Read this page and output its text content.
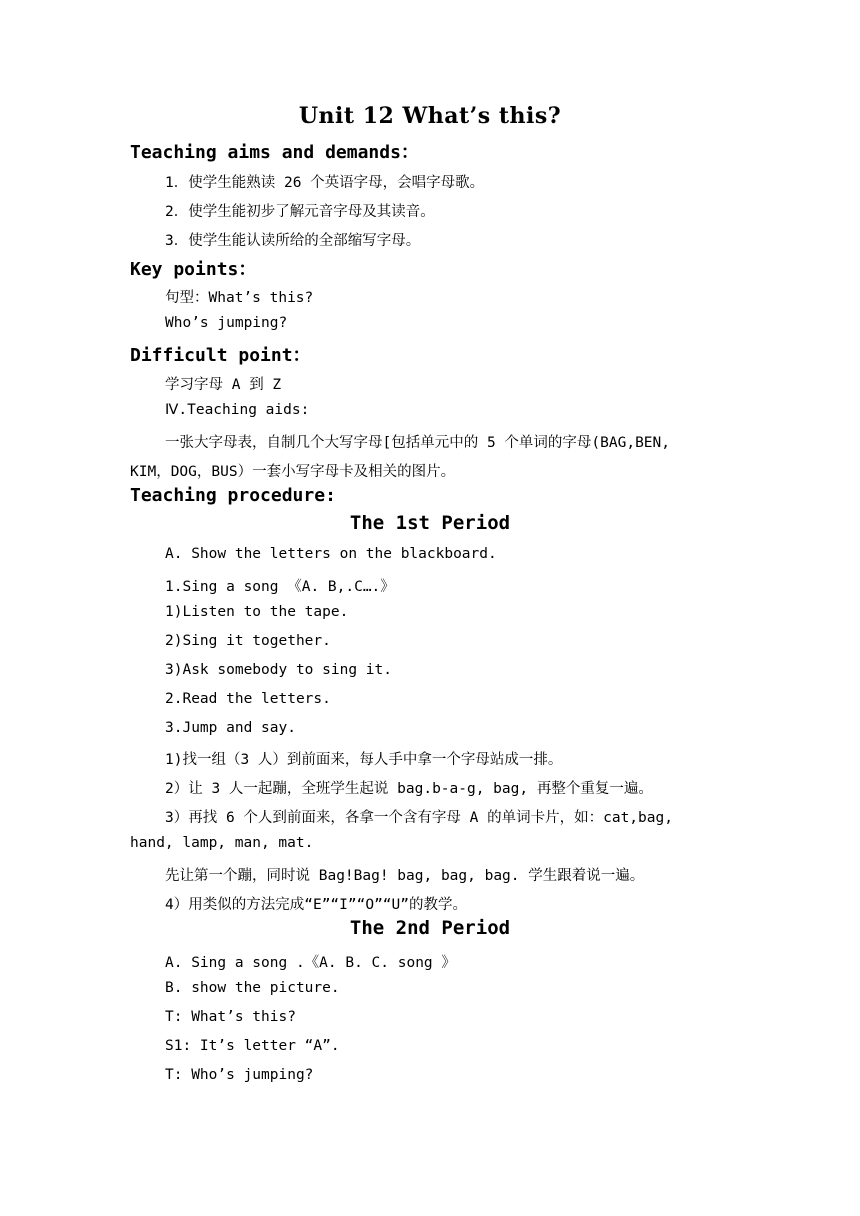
Unit 12 What’s this?
Teaching aims and demands：
1．使学生能熟读 26 个英语字母，会唱字母歌。
2．使学生能初步了解元音字母及其读音。
3．使学生能认读所给的全部缩写字母。
Key points：
句型：What’s this?
Who’s jumping?
Difficult point：
学习字母 A 到 Z
Ⅳ.Teaching aids:
一张大字母表，自制几个大写字母[包括单元中的 5 个单词的字母(BAG,BEN,
KIM，DOG，BUS）一套小写字母卡及相关的图片。
Teaching procedure:
The 1st Period
A. Show the letters on the blackboard.
1.Sing a song 《A. B,.C….》
1)Listen to the tape.
2)Sing it together.
3)Ask somebody to sing it.
2.Read the letters.
3.Jump and say.
1)找一组（3 人）到前面来，每人手中拿一个字母站成一排。
2）让 3 人一起蹦，全班学生起说 bag.b-a-g, bag, 再整个重复一遍。
3）再找 6 个人到前面来，各拿一个含有字母 A 的单词卡片，如：cat,bag,
hand, lamp, man, mat.
先让第一个蹦，同时说 Bag!Bag! bag, bag, bag. 学生跟着说一遍。
4）用类似的方法完成“E”“I”“O”“U”的教学。
The 2nd Period
A. Sing a song .《A. B. C. song 》
B. show the picture.
T: What’s this?
S1: It’s letter “A”.
T: Who’s jumping?
